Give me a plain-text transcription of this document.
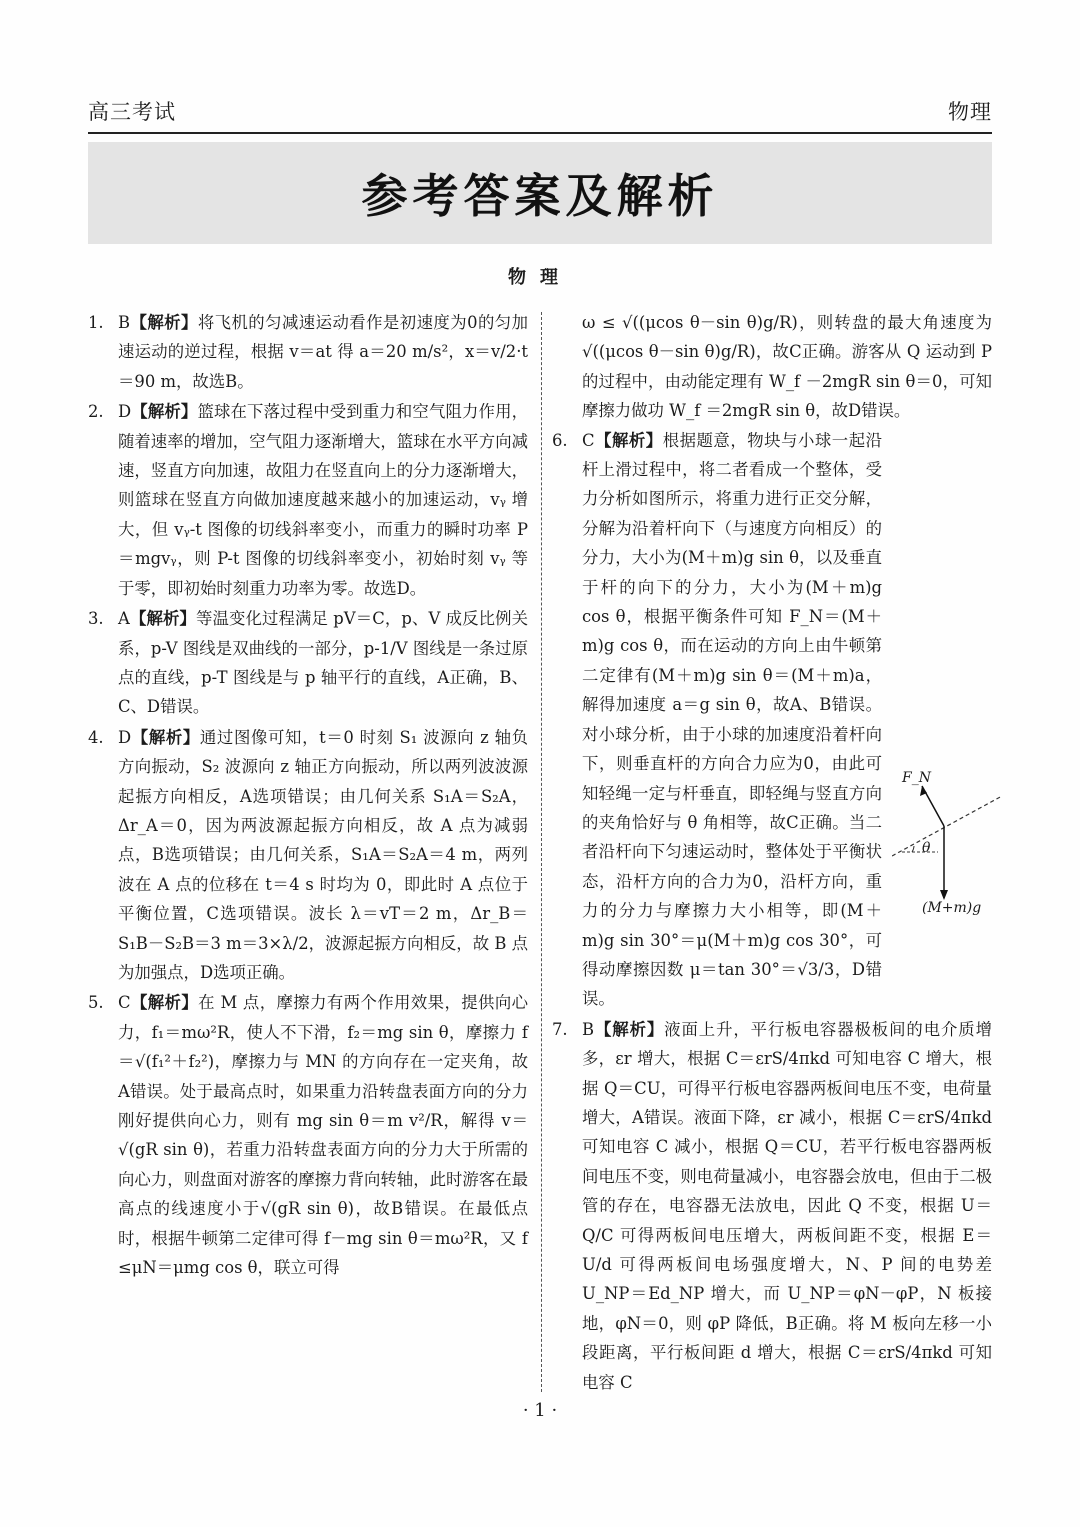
高三考试	物理
参考答案及解析
物理
1. B【解析】将飞机的匀减速运动看作是初速度为0的匀加速运动的逆过程，根据 v＝at 得 a＝20 m/s²，x＝v/2·t＝90 m，故选B。
2. D【解析】篮球在下落过程中受到重力和空气阻力作用，随着速率的增加，空气阻力逐渐增大，篮球在水平方向减速，竖直方向加速，故阻力在竖直向上的分力逐渐增大，则篮球在竖直方向做加速度越来越小的加速运动，vᵧ 增大，但 vᵧ-t 图像的切线斜率变小，而重力的瞬时功率 P＝mgvᵧ，则 P-t 图像的切线斜率变小，初始时刻 vᵧ 等于零，即初始时刻重力功率为零。故选D。
3. A【解析】等温变化过程满足 pV＝C，p、V 成反比例关系，p-V 图线是双曲线的一部分，p-1/V 图线是一条过原点的直线，p-T 图线是与 p 轴平行的直线，A正确，B、C、D错误。
4. D【解析】通过图像可知，t＝0 时刻 S₁ 波源向 z 轴负方向振动，S₂ 波源向 z 轴正方向振动，所以两列波波源起振方向相反，A选项错误；由几何关系 S₁A＝S₂A，Δr_A＝0，因为两波源起振方向相反，故 A 点为减弱点，B选项错误；由几何关系，S₁A＝S₂A＝4 m，两列波在 A 点的位移在 t＝4 s 时均为 0，即此时 A 点位于平衡位置，C选项错误。波长 λ＝vT＝2 m，Δr_B＝S₁B－S₂B＝3 m＝3×λ/2，波源起振方向相反，故 B 点为加强点，D选项正确。
5. C【解析】在 M 点，摩擦力有两个作用效果，提供向心力，f₁＝mω²R，使人不下滑，f₂＝mg sin θ，摩擦力 f＝√(f₁²＋f₂²)，摩擦力与 MN 的方向存在一定夹角，故A错误。处于最高点时，如果重力沿转盘表面方向的分力刚好提供向心力，则有 mg sin θ＝m v²/R，解得 v＝√(gR sin θ)，若重力沿转盘表面方向的分力大于所需的向心力，则盘面对游客的摩擦力背向转轴，此时游客在最高点的线速度小于√(gR sin θ)，故B错误。在最低点时，根据牛顿第二定律可得 f－mg sin θ＝mω²R，又 f ≤μN＝μmg cos θ，联立可得
ω ≤ √((μcos θ－sin θ)g/R)，则转盘的最大角速度为 √((μcos θ－sin θ)g/R)，故C正确。游客从 Q 运动到 P 的过程中，由动能定理有 W_f －2mgR sin θ＝0，可知摩擦力做功 W_f ＝2mgR sin θ，故D错误。
6. C【解析】根据题意，物块与小球一起沿杆上滑过程中，将二者看成一个整体，受力分析如图所示，将重力进行正交分解，分解为沿着杆向下（与速度方向相反）的分力，大小为(M＋m)g sin θ，以及垂直于杆的向下的分力，大小为(M＋m)g cos θ，根据平衡条件可知 F_N＝(M＋m)g cos θ，而在运动的方向上由牛顿第二定律有(M＋m)g sin θ＝(M＋m)a，解得加速度 a＝g sin θ，故A、B错误。对小球分析，由于小球的加速度沿着杆向下，则垂直杆的方向合力应为0，由此可知轻绳一定与杆垂直，即轻绳与竖直方向的夹角恰好与 θ 角相等，故C正确。当二者沿杆向下匀速运动时，整体处于平衡状态，沿杆方向的合力为0，沿杆方向，重力的分力与摩擦力大小相等，即(M＋m)g sin 30°＝μ(M＋m)g cos 30°，可得动摩擦因数 μ＝tan 30°＝√3/3，D错误。
7. B【解析】液面上升，平行板电容器极板间的电介质增多，εr 增大，根据 C＝εrS/4πkd 可知电容 C 增大，根据 Q＝CU，可得平行板电容器两板间电压不变，电荷量增大，A错误。液面下降，εr 减小，根据 C＝εrS/4πkd 可知电容 C 减小，根据 Q＝CU，若平行板电容器两板间电压不变，则电荷量减小，电容器会放电，但由于二极管的存在，电容器无法放电，因此 Q 不变，根据 U＝Q/C 可得两板间电压增大，两板间距不变，根据 E＝U/d 可得两板间电场强度增大，N、P 间的电势差 U_NP＝Ed_NP 增大，而 U_NP＝φN－φP，N 板接地，φN＝0，则 φP 降低，B正确。将 M 板向左移一小段距离，平行板间距 d 增大，根据 C＝εrS/4πkd 可知电容 C
F_N
θ
(M+m)g
· 1 ·
